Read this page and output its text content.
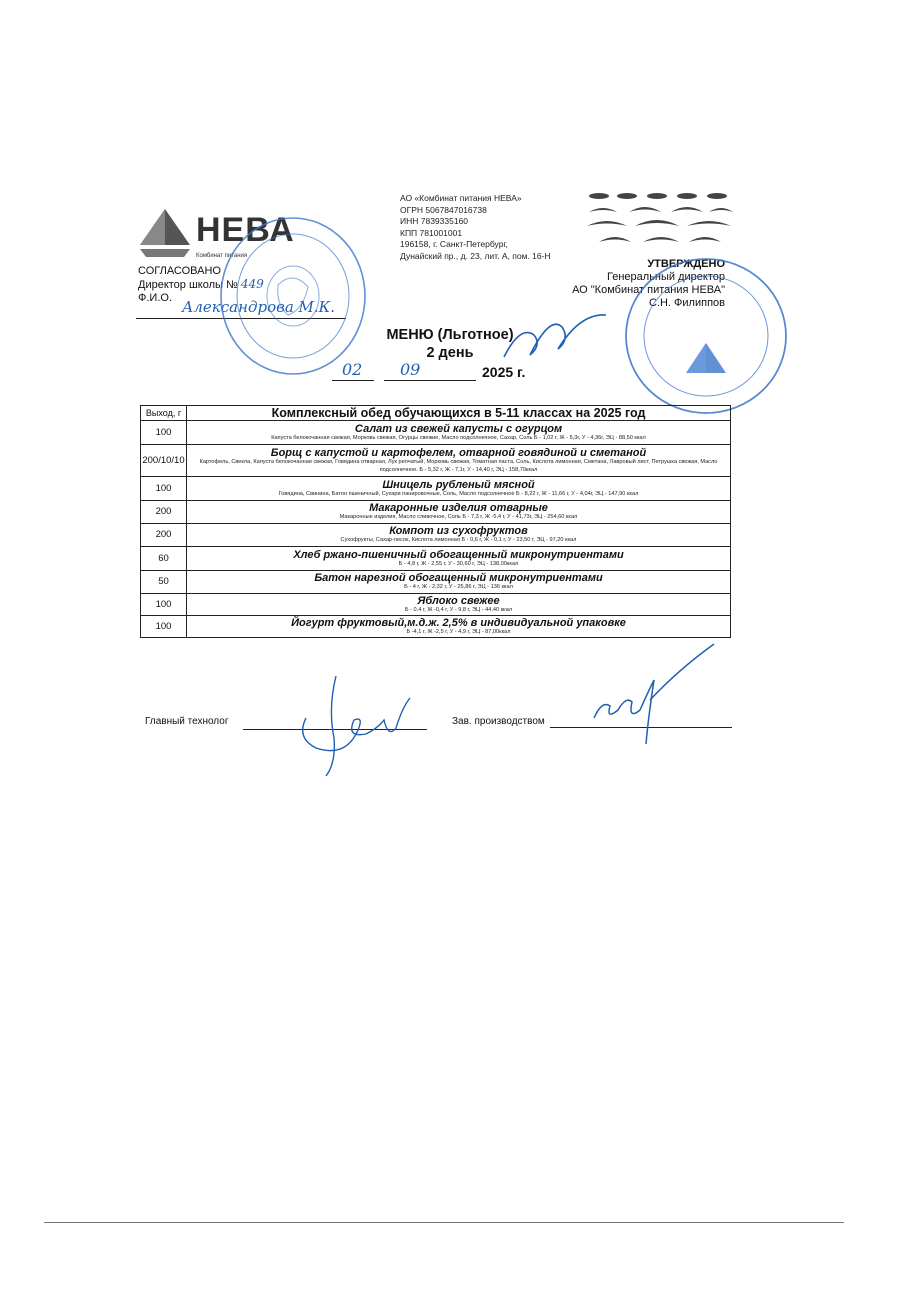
НЕВА
Комбинат питания
АО «Комбинат питания НЕВА»
ОГРН 5067847016738
ИНН 7839335160
КПП 781001001
196158, г. Санкт-Петербург,
Дунайский пр., д. 23, лит. А, пом. 16-Н
СОГЛАСОВАНО
Директор школы № 449
Ф.И.О. Александрова М.К.
УТВЕРЖДЕНО
Генеральный директор
АО "Комбинат питания НЕВА"
С.Н. Филиппов
МЕНЮ (Льготное)
2 день
02 09	2025 г.
Выход, г	Комплексный обед обучающихся в 5-11 классах на 2025 год
100	Салат из свежей капусты с огурцом
Капуста белокочанная свежая, Морковь свежая, Огурцы свежие, Масло подсолнечное, Сахар, Соль Б - 1,02 г, Ж - 5,3г, У - 4,36г, ЭЦ - 88,50 ккал

200/10/10	Борщ с капустой и картофелем, отварной говядиной и сметаной
Картофель, Свекла, Капуста белокочанная свежая, Говядина отварная, Лук репчатый, Морковь свежая, Томатная паста, Соль, Кислота лимонная, Сметана, Лавровый лист, Петрушка свежая, Масло подсолнечное. Б - 5,32 г, Ж - 7,1г, У - 14,40 г, ЭЦ - 158,70ккал

100	Шницель рубленый мясной
Говядина, Свинина, Батон пшеничный, Сухари панировочные, Соль, Масло подсолнечное Б - 8,22 г, Ж - 11,66 г, У - 4,04г, ЭЦ - 147,90 ккал

200	Макаронные изделия отварные
Макаронные изделия, Масло сливочное, Соль Б - 7,3 г, Ж -5,4 г, У - 41,73г, ЭЦ - 254,60 ккал

200	Компот из сухофруктов
Сухофрукты, Сахар-песок, Кислота лимонная Б - 0,6 г, Ж - 0,1 г, У - 23,50 г, ЭЦ - 97,20 ккал

60	Хлеб ржано-пшеничный обогащенный микронутриентами
Б - 4,8 г, Ж - 2,55 г, У - 30,60 г, ЭЦ - 138,00ккал

50	Батон нарезной обогащенный микронутриентами
Б - 4 г, Ж - 2,32 г, У - 25,86 г, ЭЦ - 136 ккал

100	Яблоко свежее
Б - 0,4 г, Ж -0,4 г, У - 9,8 г, ЭЦ - 44,40 ккал

100	Йогурт фруктовый,м.д.ж. 2,5% в индивидуальной упаковке
Б -4,1 г, Ж -2,5 г, У - 4,9 г, ЭЦ - 87,00ккал
Главный технолог	Зав. производством
